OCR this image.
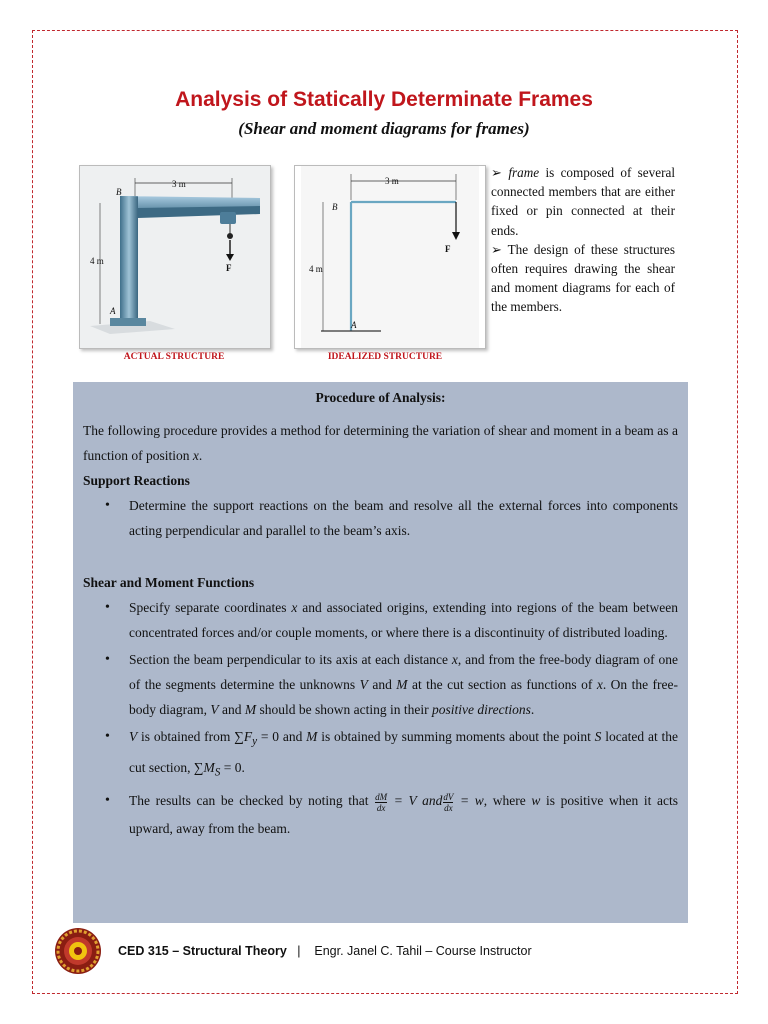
Analysis of Statically Determinate Frames
(Shear and moment diagrams for frames)
3 m
4 m
B
A
F
ACTUAL STRUCTURE
3 m
4 m
B
A
F
IDEALIZED STRUCTURE

➢ frame is composed of several connected members that are either fixed or pin connected at their ends.

➢ The design of these structures often requires drawing the shear and moment diagrams for each of the members.

Procedure of Analysis:
The following procedure provides a method for determining the variation of shear and moment in a beam as a function of position x.
Support Reactions
• Determine the support reactions on the beam and resolve all the external forces into components acting perpendicular and parallel to the beam’s axis.
Shear and Moment Functions
• Specify separate coordinates x and associated origins, extending into regions of the beam between concentrated forces and/or couple moments, or where there is a discontinuity of distributed loading.
• Section the beam perpendicular to its axis at each distance x, and from the free-body diagram of one of the segments determine the unknowns V and M at the cut section as functions of x. On the free-body diagram, V and M should be shown acting in their positive directions.
• V is obtained from $\sum F_y = 0$ and M is obtained by summing moments about the point S located at the cut section, $\sum M_S = 0$.
• The results can be checked by noting that $\frac{dM}{dx} = V$ and $\frac{dV}{dx} = w$, where w is positive when it acts upward, away from the beam.
CED 315 – Structural Theory | Engr. Janel C. Tahil – Course Instructor
